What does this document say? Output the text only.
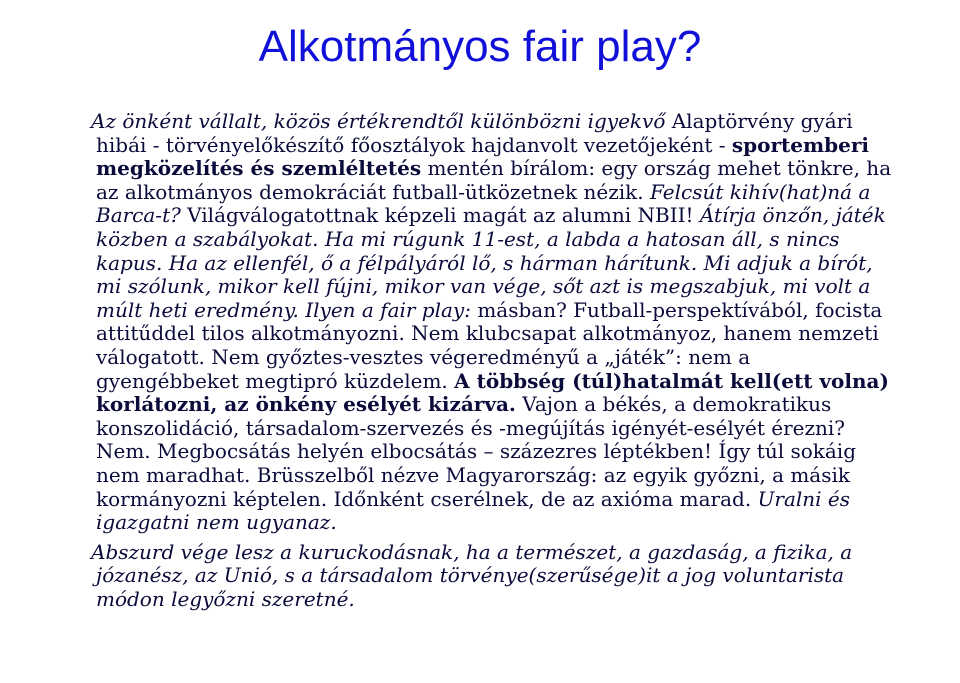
Alkotmányos fair play?

Az önként vállalt, közös értékrendtől különbözni igyekvő Alaptörvény gyári hibái - törvényelőkészítő főosztályok hajdanvolt vezetőjeként - sportemberi megközelítés és szemléltetés mentén bírálom: egy ország mehet tönkre, ha az alkotmányos demokráciát futball-ütközetnek nézik. Felcsút kihív(hat)ná a Barca-t? Világválogatottnak képzeli magát az alumni NBII! Átírja önzőn, játék közben a szabályokat. Ha mi rúgunk 11-est, a labda a hatosan áll, s nincs kapus. Ha az ellenfél, ő a félpályáról lő, s hárman hárítunk. Mi adjuk a bírót, mi szólunk, mikor kell fújni, mikor van vége, sőt azt is megszabjuk, mi volt a múlt heti eredmény. Ilyen a fair play: másban? Futball-perspektívából, focista attitűddel tilos alkotmányozni. Nem klubcsapat alkotmányoz, hanem nemzeti válogatott. Nem győztes-vesztes végeredményű a „játék”: nem a gyengébbeket megtipró küzdelem. A többség (túl)hatalmát kell(ett volna) korlátozni, az önkény esélyét kizárva. Vajon a békés, a demokratikus konszolidáció, társadalom-szervezés és -megújítás igényét-esélyét érezni? Nem. Megbocsátás helyén elbocsátás – százezres léptékben! Így túl sokáig nem maradhat. Brüsszelből nézve Magyarország: az egyik győzni, a másik kormányozni képtelen. Időnként cserélnek, de az axióma marad. Uralni és igazgatni nem ugyanaz.

Abszurd vége lesz a kuruckodásnak, ha a természet, a gazdaság, a fizika, a józanész, az Unió, s a társadalom törvénye(szerűsége)it a jog voluntarista módon legyőzni szeretné.
